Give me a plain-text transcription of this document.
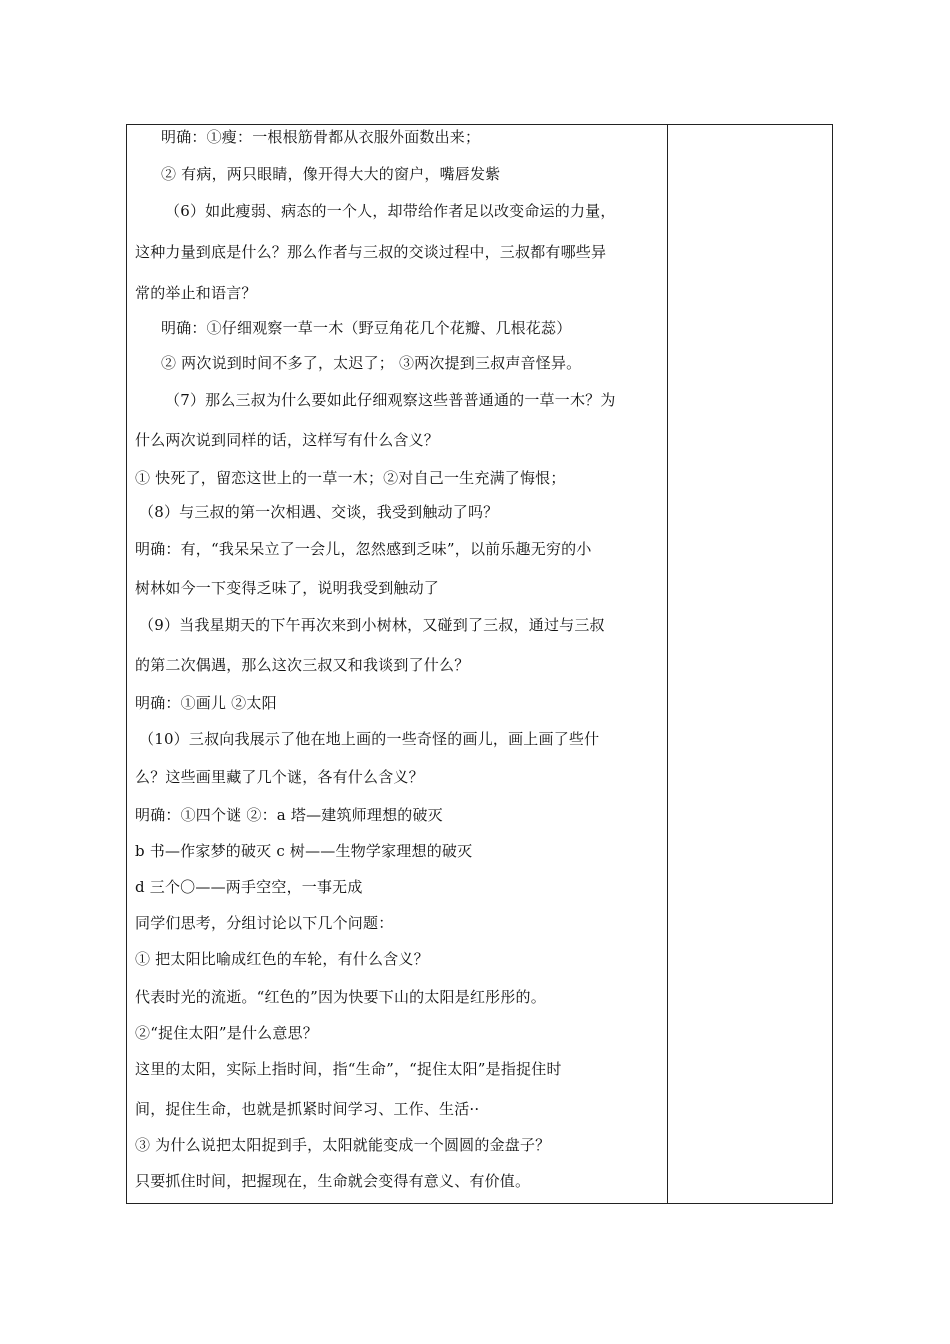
明确：①瘦：一根根筋骨都从衣服外面数出来；
② 有病，两只眼睛，像开得大大的窗户，嘴唇发紫
（6）如此瘦弱、病态的一个人，却带给作者足以改变命运的力量，
这种力量到底是什么？那么作者与三叔的交谈过程中，三叔都有哪些异
常的举止和语言？
明确：①仔细观察一草一木（野豆角花几个花瓣、几根花蕊）
② 两次说到时间不多了，太迟了； ③两次提到三叔声音怪异。
（7）那么三叔为什么要如此仔细观察这些普普通通的一草一木？为
什么两次说到同样的话，这样写有什么含义？
① 快死了，留恋这世上的一草一木；②对自己一生充满了悔恨；
（8）与三叔的第一次相遇、交谈，我受到触动了吗？
明确：有，“我呆呆立了一会儿，忽然感到乏味”，以前乐趣无穷的小
树林如今一下变得乏味了，说明我受到触动了
（9）当我星期天的下午再次来到小树林，又碰到了三叔，通过与三叔
的第二次偶遇，那么这次三叔又和我谈到了什么？
明确：①画儿 ②太阳
（10）三叔向我展示了他在地上画的一些奇怪的画儿，画上画了些什
么？这些画里藏了几个谜，各有什么含义？
明确：①四个谜 ②：a 塔—建筑师理想的破灭
b 书—作家梦的破灭 c 树——生物学家理想的破灭
d 三个〇——两手空空，一事无成
同学们思考，分组讨论以下几个问题：
① 把太阳比喻成红色的车轮，有什么含义？
代表时光的流逝。“红色的”因为快要下山的太阳是红彤彤的。
②“捉住太阳”是什么意思？
这里的太阳，实际上指时间，指“生命”，“捉住太阳”是指捉住时
间，捉住生命，也就是抓紧时间学习、工作、生活··
③ 为什么说把太阳捉到手，太阳就能变成一个圆圆的金盘子？
只要抓住时间，把握现在，生命就会变得有意义、有价值。
